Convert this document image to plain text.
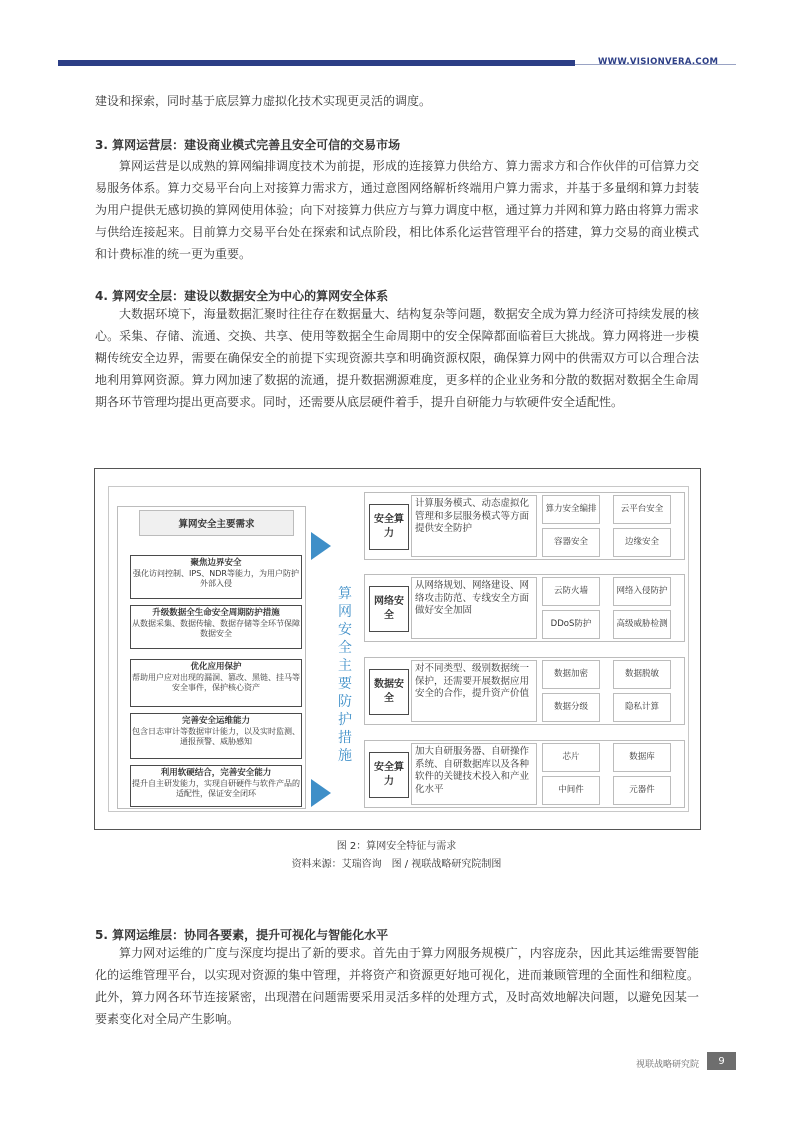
WWW.VISIONVERA.COM
建设和探索，同时基于底层算力虚拟化技术实现更灵活的调度。
3. 算网运营层：建设商业模式完善且安全可信的交易市场
算网运营是以成熟的算网编排调度技术为前提，形成的连接算力供给方、算力需求方和合作伙伴的可信算力交易服务体系。算力交易平台向上对接算力需求方，通过意图网络解析终端用户算力需求，并基于多量纲和算力封装为用户提供无感切换的算网使用体验；向下对接算力供应方与算力调度中枢，通过算力并网和算力路由将算力需求与供给连接起来。目前算力交易平台处在探索和试点阶段，相比体系化运营管理平台的搭建，算力交易的商业模式和计费标准的统一更为重要。
4. 算网安全层：建设以数据安全为中心的算网安全体系
大数据环境下，海量数据汇聚时往往存在数据量大、结构复杂等问题，数据安全成为算力经济可持续发展的核心。采集、存储、流通、交换、共享、使用等数据全生命周期中的安全保障都面临着巨大挑战。算力网将进一步模糊传统安全边界，需要在确保安全的前提下实现资源共享和明确资源权限，确保算力网中的供需双方可以合理合法地利用算网资源。算力网加速了数据的流通，提升数据溯源难度，更多样的企业业务和分散的数据对数据全生命周期各环节管理均提出更高要求。同时，还需要从底层硬件着手，提升自研能力与软硬件安全适配性。
算网安全主要需求
聚焦边界安全
强化访问控制、IPS、NDR等能力，为用户防护外部入侵
升级数据全生命安全周期防护措施
从数据采集、数据传输、数据存储等全环节保障数据安全
优化应用保护
帮助用户应对出现的漏洞、篡改、黑链、挂马等安全事件，保护核心资产
完善安全运维能力
包含日志审计等数据审计能力，以及实时监测、通报预警、威胁感知
利用软硬结合，完善安全能力
提升自主研发能力，实现自研硬件与软件产品的适配性，保证安全闭环
算
网
安
全
主
要
防
护
措
施
安全算力
计算服务模式、动态虚拟化管理和多层服务模式等方面提供安全防护
算力安全编排	云平台安全
容器安全	边缘安全
网络安全
从网络规划、网络建设、网络攻击防范、专线安全方面做好安全加固
云防火墙	网络入侵防护
DDoS防护	高级威胁检测
数据安全
对不同类型、级别数据统一保护，还需要开展数据应用安全的合作，提升资产价值
数据加密	数据脱敏
数据分级	隐私计算
安全算力
加大自研服务器、自研操作系统、自研数据库以及各种软件的关键技术投入和产业化水平
芯片	数据库
中间件	元器件
图 2：算网安全特征与需求
资料来源：艾瑞咨询　图 / 视联战略研究院制图
5. 算网运维层：协同各要素，提升可视化与智能化水平
算力网对运维的广度与深度均提出了新的要求。首先由于算力网服务规模广，内容庞杂，因此其运维需要智能化的运维管理平台，以实现对资源的集中管理，并将资产和资源更好地可视化，进而兼顾管理的全面性和细粒度。此外，算力网各环节连接紧密，出现潜在问题需要采用灵活多样的处理方式，及时高效地解决问题，以避免因某一要素变化对全局产生影响。
视联战略研究院	9
